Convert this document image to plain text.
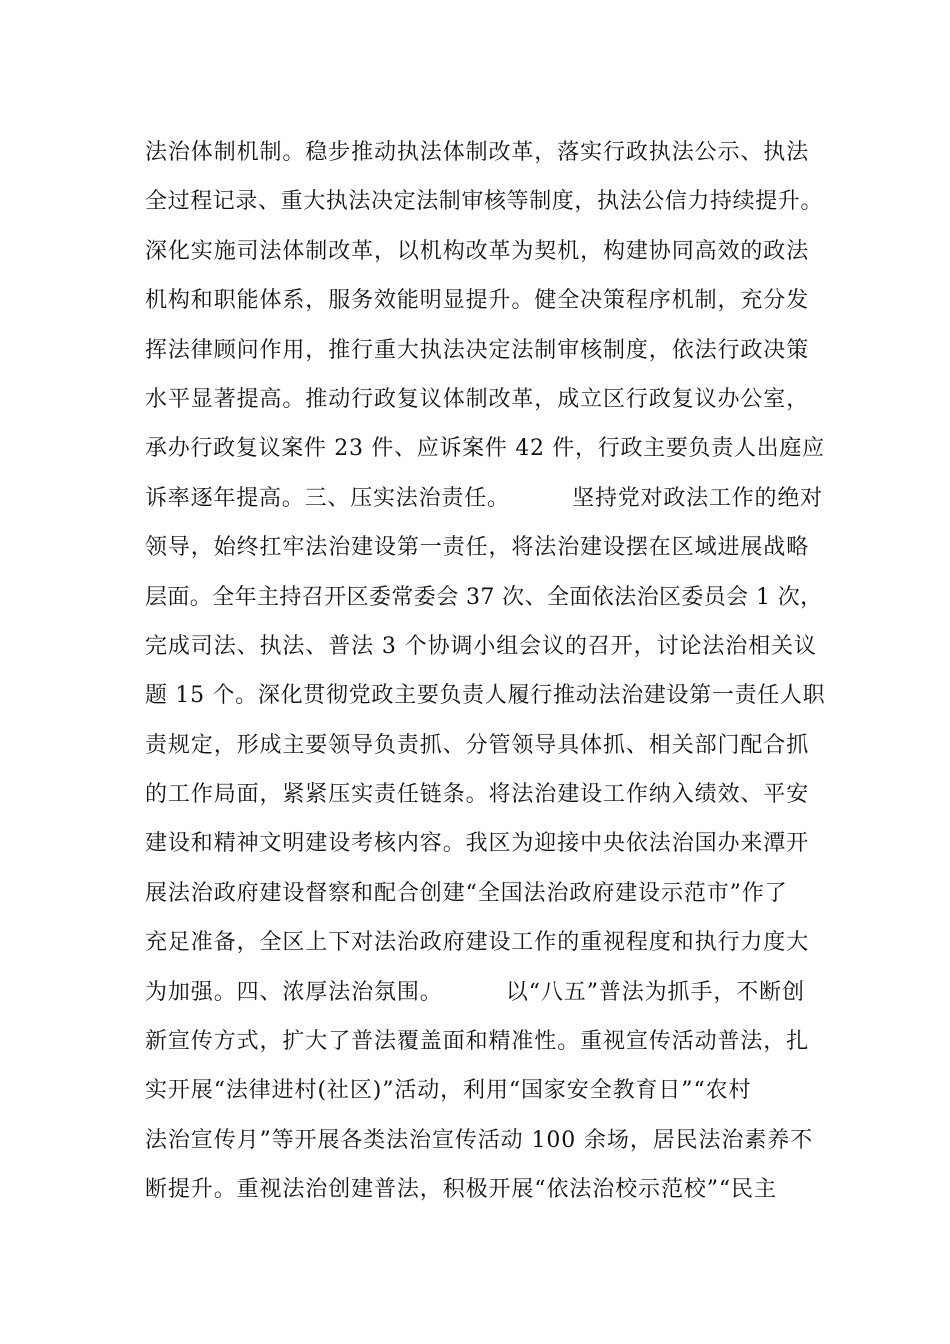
法治体制机制。稳步推动执法体制改革，落实行政执法公示、执法
全过程记录、重大执法决定法制审核等制度，执法公信力持续提升。
深化实施司法体制改革，以机构改革为契机，构建协同高效的政法
机构和职能体系，服务效能明显提升。健全决策程序机制，充分发
挥法律顾问作用，推行重大执法决定法制审核制度，依法行政决策
水平显著提高。推动行政复议体制改革，成立区行政复议办公室，
承办行政复议案件 23 件、应诉案件 42 件，行政主要负责人出庭应
诉率逐年提高。三、压实法治责任。        坚持党对政法工作的绝对
领导，始终扛牢法治建设第一责任，将法治建设摆在区域进展战略
层面。全年主持召开区委常委会 37 次、全面依法治区委员会 1 次，
完成司法、执法、普法 3 个协调小组会议的召开，讨论法治相关议
题 15 个。深化贯彻党政主要负责人履行推动法治建设第一责任人职
责规定，形成主要领导负责抓、分管领导具体抓、相关部门配合抓
的工作局面，紧紧压实责任链条。将法治建设工作纳入绩效、平安
建设和精神文明建设考核内容。我区为迎接中央依法治国办来潭开
展法治政府建设督察和配合创建“全国法治政府建设示范市”作了
充足准备，全区上下对法治政府建设工作的重视程度和执行力度大
为加强。四、浓厚法治氛围。        以“八五”普法为抓手，不断创
新宣传方式，扩大了普法覆盖面和精准性。重视宣传活动普法，扎
实开展“法律进村(社区)”活动，利用“国家安全教育日”“农村
法治宣传月”等开展各类法治宣传活动 100 余场，居民法治素养不
断提升。重视法治创建普法，积极开展“依法治校示范校”“民主
